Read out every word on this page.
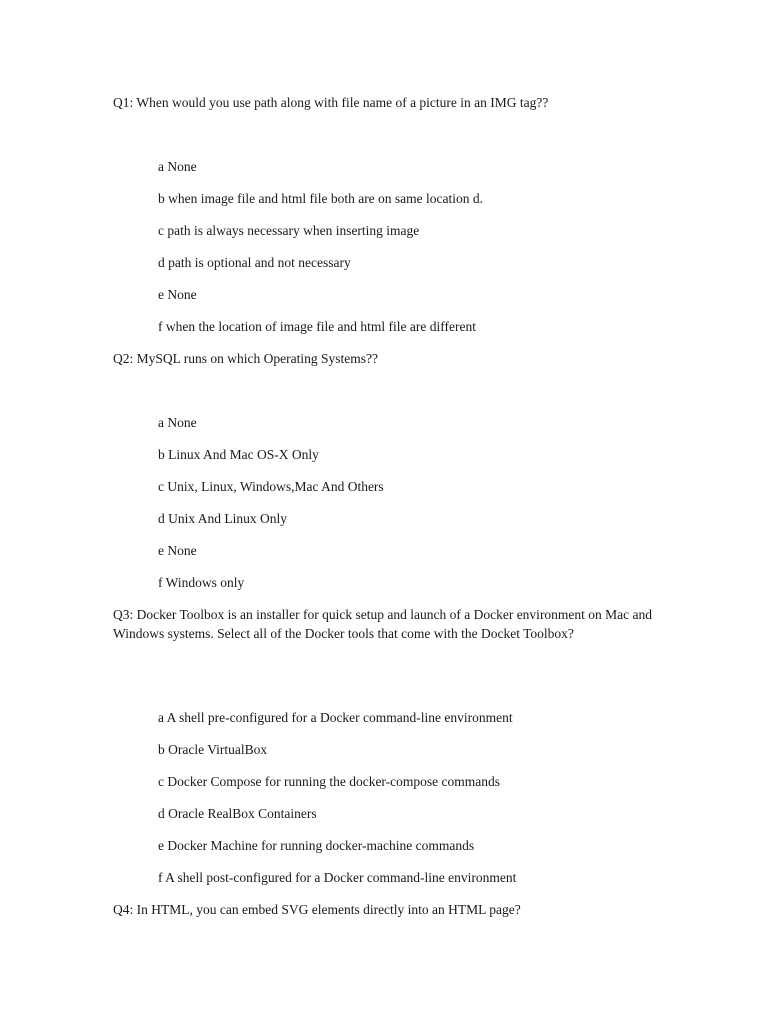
Q1: When would you use path along with file name of a picture in an IMG tag??
a None
b when image file and html file both are on same location d.
c path is always necessary when inserting image
d path is optional and not necessary
e None
f when the location of image file and html file are different
Q2: MySQL runs on which Operating Systems??
a None
b Linux And Mac OS-X Only
c Unix, Linux, Windows,Mac And Others
d Unix And Linux Only
e None
f Windows only
Q3: Docker Toolbox is an installer for quick setup and launch of a Docker environment on Mac and Windows systems. Select all of the Docker tools that come with the Docket Toolbox?
a A shell pre-configured for a Docker command-line environment
b Oracle VirtualBox
c Docker Compose for running the docker-compose commands
d Oracle RealBox Containers
e Docker Machine for running docker-machine commands
f A shell post-configured for a Docker command-line environment
Q4: In HTML, you can embed SVG elements directly into an HTML page?
